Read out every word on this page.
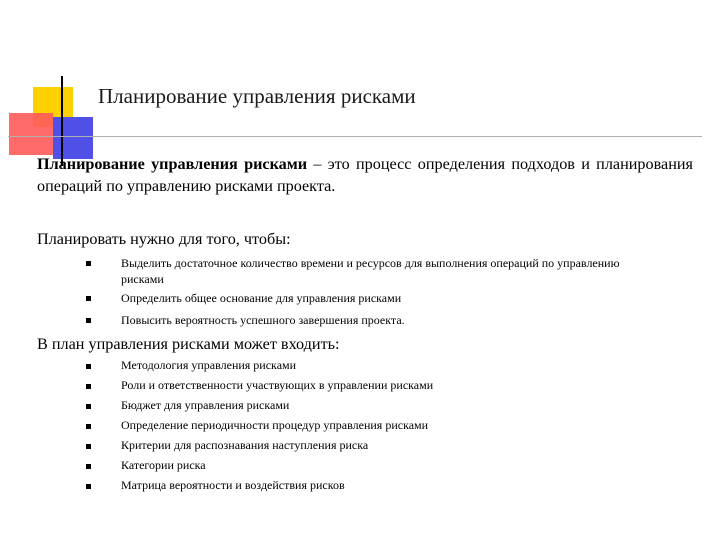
Планирование управления рисками

Планирование управления рисками – это процесс определения подходов и планирования операций по управлению рисками проекта.

Планировать нужно для того, чтобы:

Выделить достаточное количество времени и ресурсов для выполнения операций по управлению рисками
Определить общее основание для управления рисками
Повысить вероятность успешного завершения проекта.

В план управления рисками может входить:

Методология управления рисками
Роли и ответственности участвующих в управлении рисками
Бюджет для управления рисками
Определение периодичности процедур управления рисками
Критерии для распознавания наступления риска
Категории риска
Матрица вероятности и воздействия рисков
